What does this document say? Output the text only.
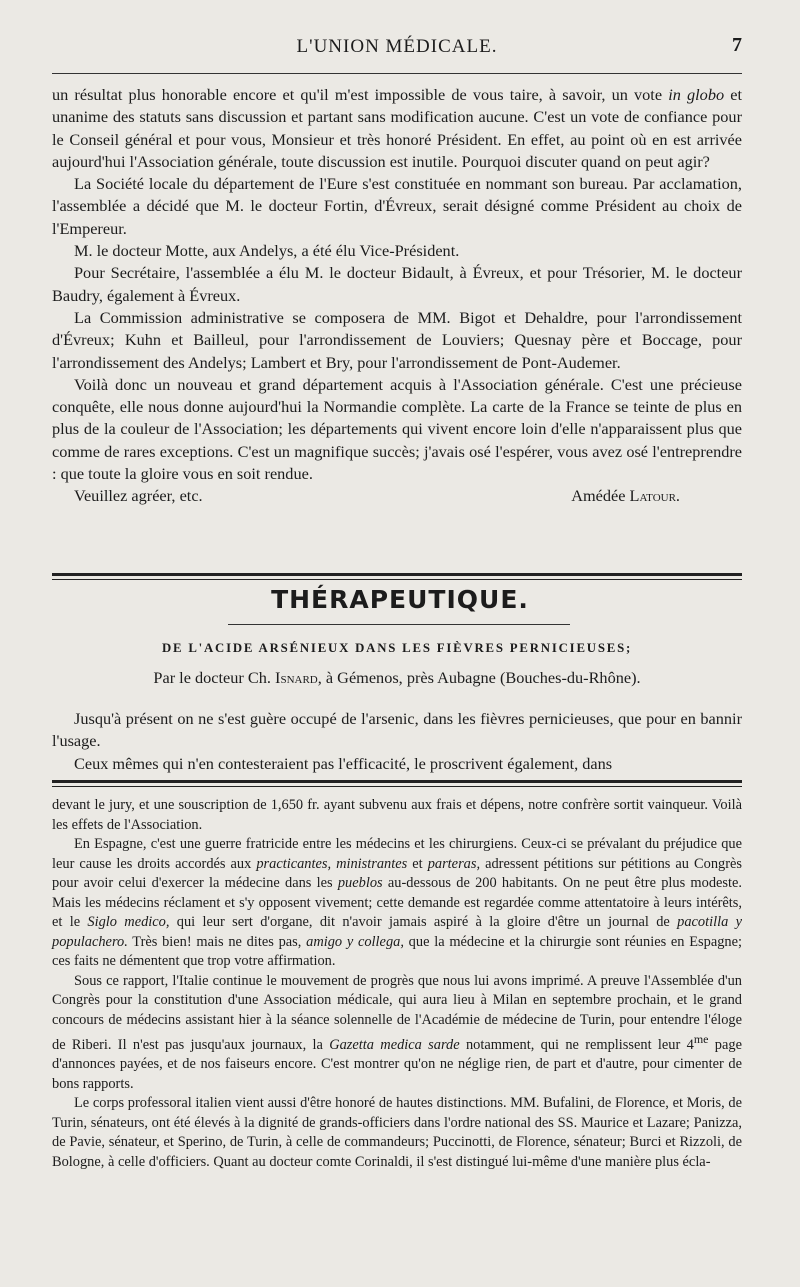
L'UNION MÉDICALE.	7

un résultat plus honorable encore et qu'il m'est impossible de vous taire, à savoir, un vote in globo et unanime des statuts sans discussion et partant sans modification aucune. C'est un vote de confiance pour le Conseil général et pour vous, Monsieur et très honoré Président. En effet, au point où en est arrivée aujourd'hui l'Association générale, toute discussion est inutile. Pourquoi discuter quand on peut agir?

La Société locale du département de l'Eure s'est constituée en nommant son bureau. Par acclamation, l'assemblée a décidé que M. le docteur Fortin, d'Évreux, serait désigné comme Président au choix de l'Empereur.

M. le docteur Motte, aux Andelys, a été élu Vice-Président.

Pour Secrétaire, l'assemblée a élu M. le docteur Bidault, à Évreux, et pour Trésorier, M. le docteur Baudry, également à Évreux.

La Commission administrative se composera de MM. Bigot et Dehaldre, pour l'arrondissement d'Évreux; Kuhn et Bailleul, pour l'arrondissement de Louviers; Quesnay père et Boccage, pour l'arrondissement des Andelys; Lambert et Bry, pour l'arrondissement de Pont-Audemer.

Voilà donc un nouveau et grand département acquis à l'Association générale. C'est une précieuse conquête, elle nous donne aujourd'hui la Normandie complète. La carte de la France se teinte de plus en plus de la couleur de l'Association; les départements qui vivent encore loin d'elle n'apparaissent plus que comme de rares exceptions. C'est un magnifique succès; j'avais osé l'espérer, vous avez osé l'entreprendre : que toute la gloire vous en soit rendue.

Veuillez agréer, etc.	Amédée Latour.
THÉRAPEUTIQUE.
DE L'ACIDE ARSÉNIEUX DANS LES FIÈVRES PERNICIEUSES;
Par le docteur Ch. Isnard, à Gémenos, près Aubagne (Bouches-du-Rhône).

Jusqu'à présent on ne s'est guère occupé de l'arsenic, dans les fièvres pernicieuses, que pour en bannir l'usage.

Ceux mêmes qui n'en contesteraient pas l'efficacité, le proscrivent également, dans

devant le jury, et une souscription de 1,650 fr. ayant subvenu aux frais et dépens, notre confrère sortit vainqueur. Voilà les effets de l'Association.

En Espagne, c'est une guerre fratricide entre les médecins et les chirurgiens. Ceux-ci se prévalant du préjudice que leur cause les droits accordés aux practicantes, ministrantes et parteras, adressent pétitions sur pétitions au Congrès pour avoir celui d'exercer la médecine dans les pueblos au-dessous de 200 habitants. On ne peut être plus modeste. Mais les médecins réclament et s'y opposent vivement; cette demande est regardée comme attentatoire à leurs intérêts, et le Siglo medico, qui leur sert d'organe, dit n'avoir jamais aspiré à la gloire d'être un journal de pacotilla y populachero. Très bien! mais ne dites pas, amigo y collega, que la médecine et la chirurgie sont réunies en Espagne; ces faits ne démentent que trop votre affirmation.

Sous ce rapport, l'Italie continue le mouvement de progrès que nous lui avons imprimé. A preuve l'Assemblée d'un Congrès pour la constitution d'une Association médicale, qui aura lieu à Milan en septembre prochain, et le grand concours de médecins assistant hier à la séance solennelle de l'Académie de médecine de Turin, pour entendre l'éloge de Riberi. Il n'est pas jusqu'aux journaux, la Gazetta medica sarde notamment, qui ne remplissent leur $4^{me}$ page d'annonces payées, et de nos faiseurs encore. C'est montrer qu'on ne néglige rien, de part et d'autre, pour cimenter de bons rapports.

Le corps professoral italien vient aussi d'être honoré de hautes distinctions. MM. Bufalini, de Florence, et Moris, de Turin, sénateurs, ont été élevés à la dignité de grands-officiers dans l'ordre national des SS. Maurice et Lazare; Panizza, de Pavie, sénateur, et Sperino, de Turin, à celle de commandeurs; Puccinotti, de Florence, sénateur; Burci et Rizzoli, de Bologne, à celle d'officiers. Quant au docteur comte Corinaldi, il s'est distingué lui-même d'une manière plus écla-
